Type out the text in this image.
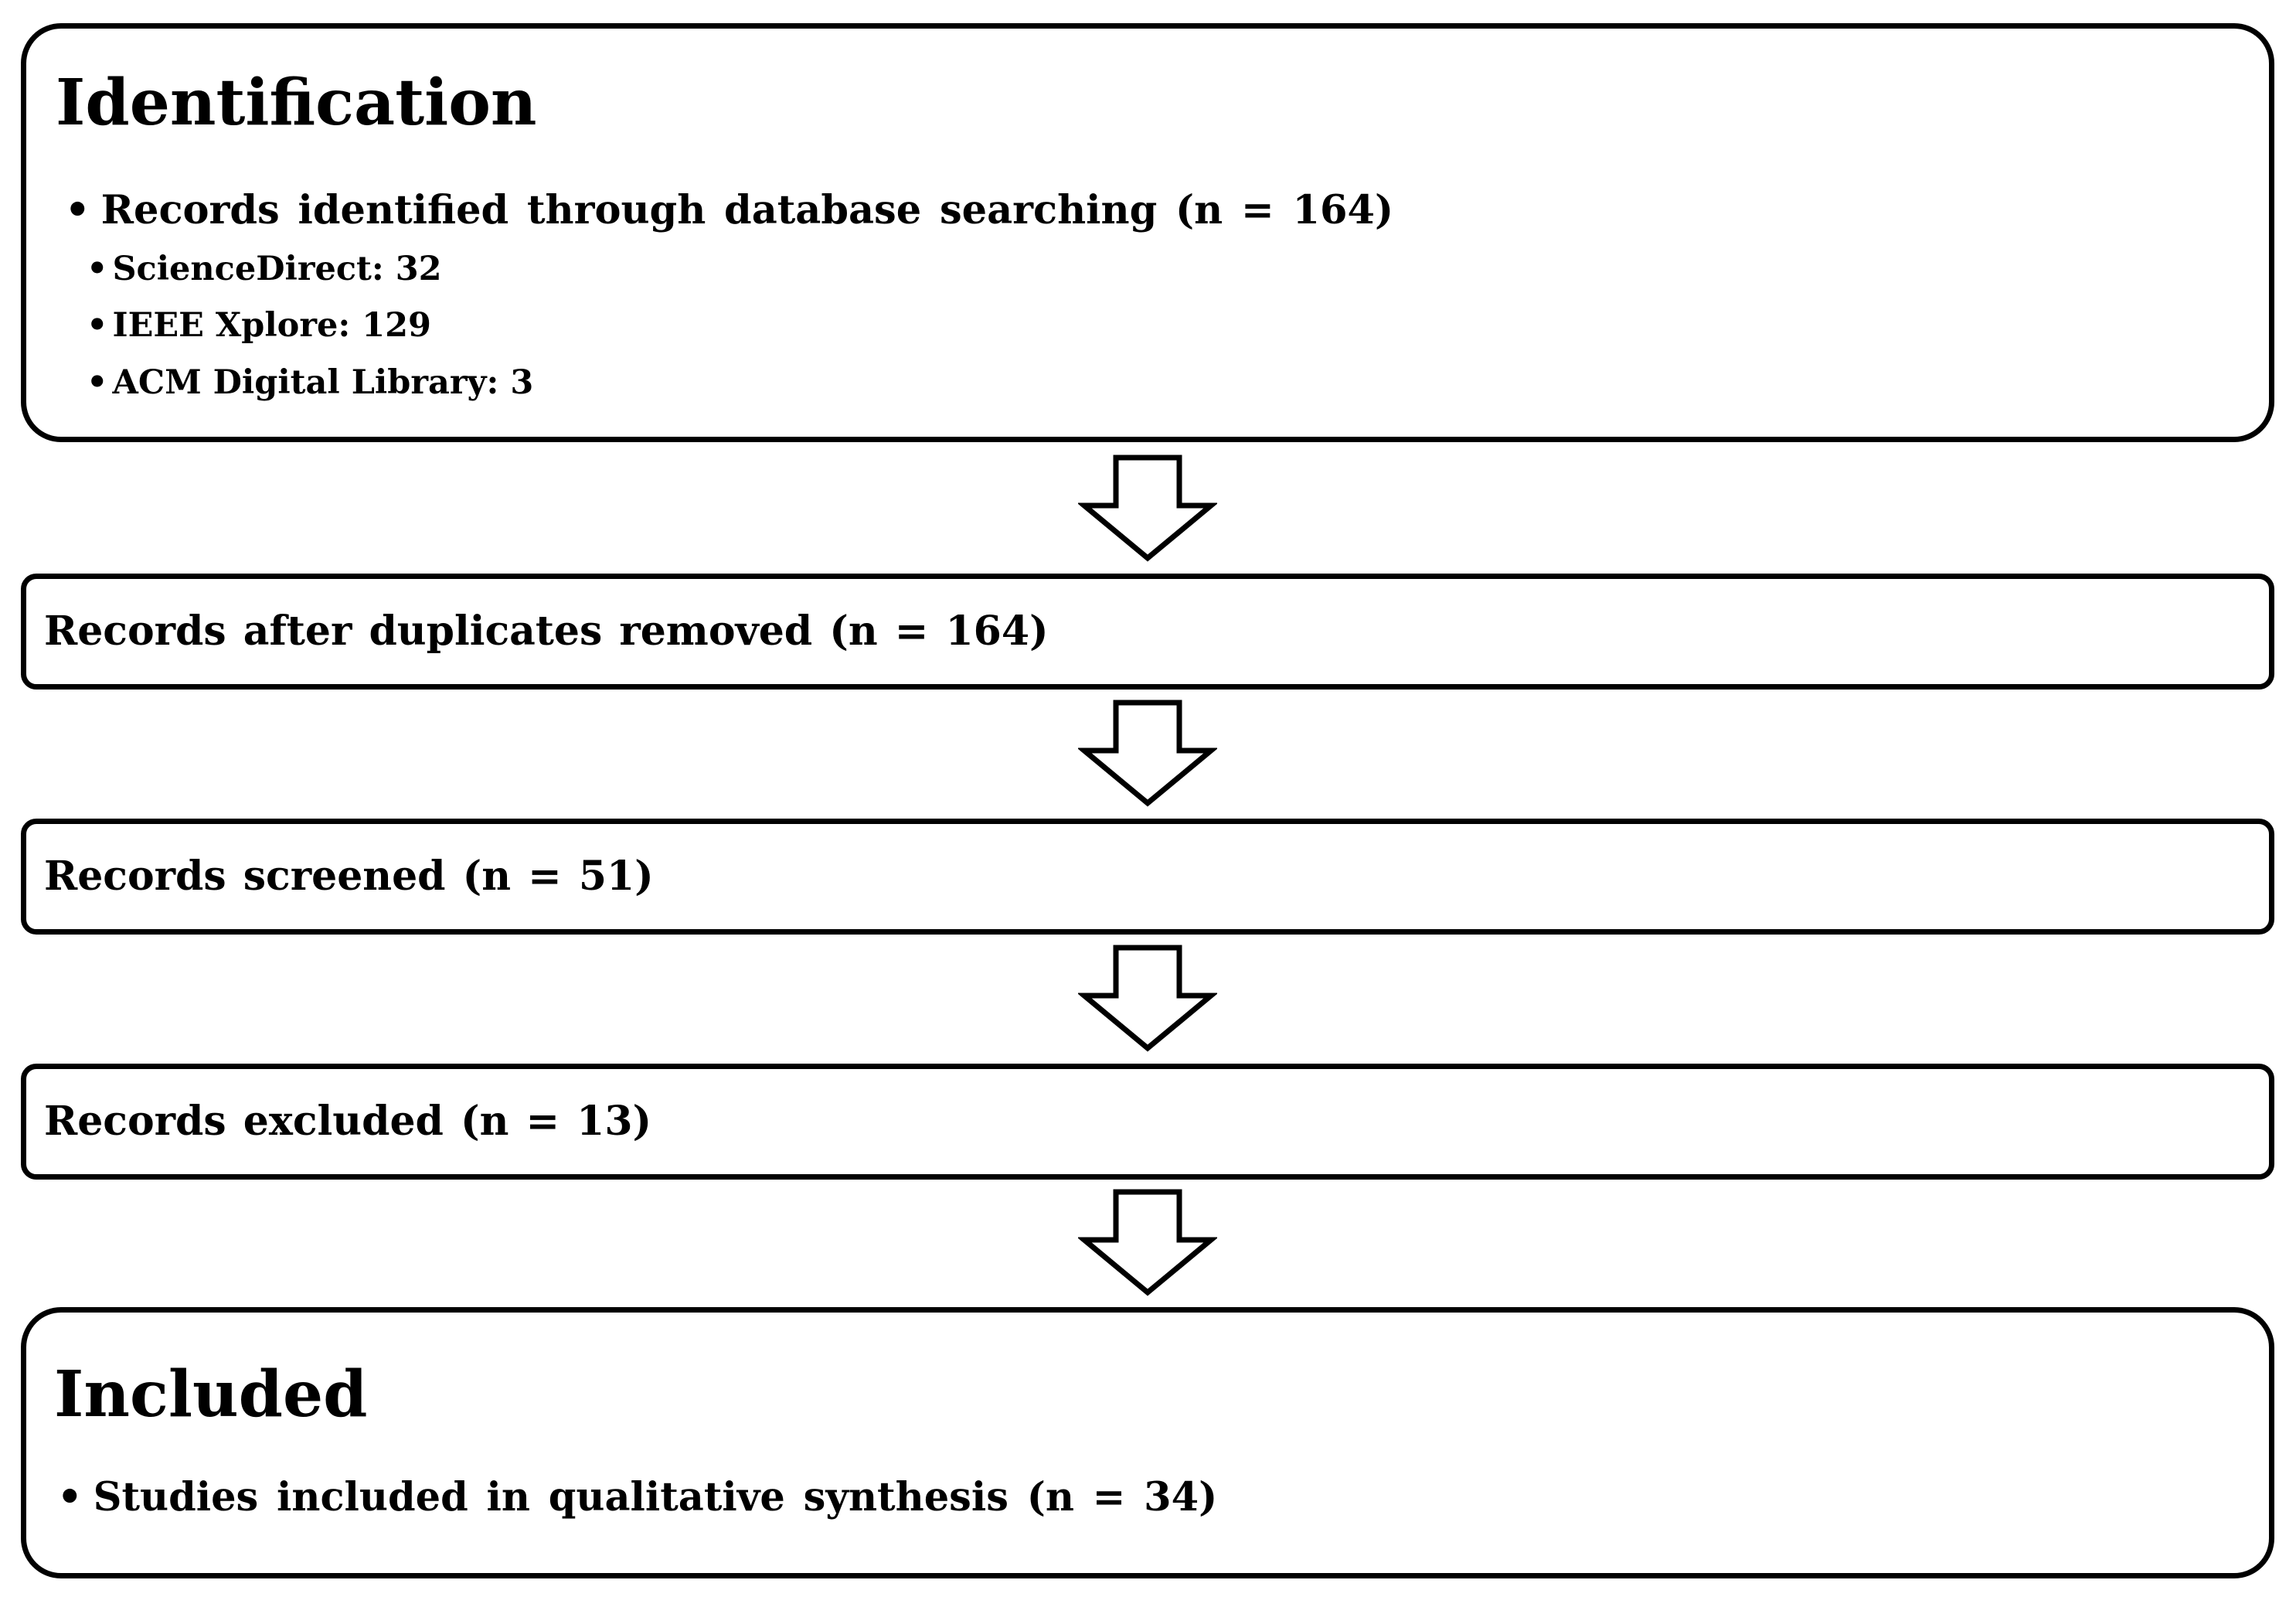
Identification
• Records identified through database searching (n = 164)
• ScienceDirect: 32
• IEEE Xplore: 129
• ACM Digital Library: 3
Records after duplicates removed (n = 164)
Records screened (n = 51)
Records excluded (n = 13)
Included
• Studies included in qualitative synthesis (n = 34)
